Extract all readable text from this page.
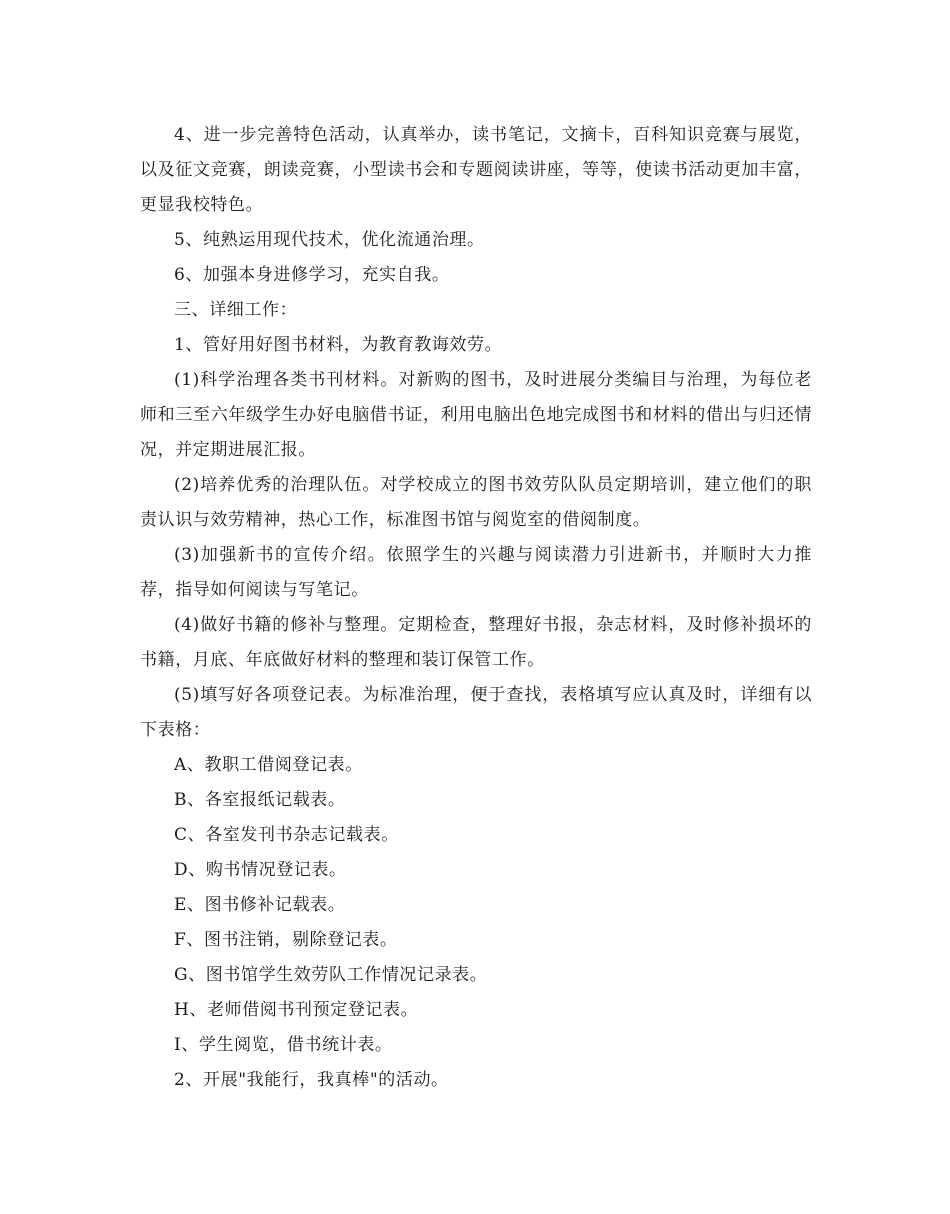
4、进一步完善特色活动，认真举办，读书笔记，文摘卡，百科知识竞赛与展览，以及征文竞赛，朗读竞赛，小型读书会和专题阅读讲座，等等，使读书活动更加丰富，更显我校特色。

5、纯熟运用现代技术，优化流通治理。

6、加强本身进修学习，充实自我。

三、详细工作：

1、管好用好图书材料，为教育教诲效劳。

(1)科学治理各类书刊材料。对新购的图书，及时进展分类编目与治理，为每位老师和三至六年级学生办好电脑借书证，利用电脑出色地完成图书和材料的借出与归还情况，并定期进展汇报。

(2)培养优秀的治理队伍。对学校成立的图书效劳队队员定期培训，建立他们的职责认识与效劳精神，热心工作，标准图书馆与阅览室的借阅制度。

(3)加强新书的宣传介绍。依照学生的兴趣与阅读潜力引进新书，并顺时大力推荐，指导如何阅读与写笔记。

(4)做好书籍的修补与整理。定期检查，整理好书报，杂志材料，及时修补损坏的书籍，月底、年底做好材料的整理和装订保管工作。

(5)填写好各项登记表。为标准治理，便于查找，表格填写应认真及时，详细有以下表格：

A、教职工借阅登记表。

B、各室报纸记载表。

C、各室发刊书杂志记载表。

D、购书情况登记表。

E、图书修补记载表。

F、图书注销，剔除登记表。

G、图书馆学生效劳队工作情况记录表。

H、老师借阅书刊预定登记表。

I、学生阅览，借书统计表。

2、开展"我能行，我真棒"的活动。
